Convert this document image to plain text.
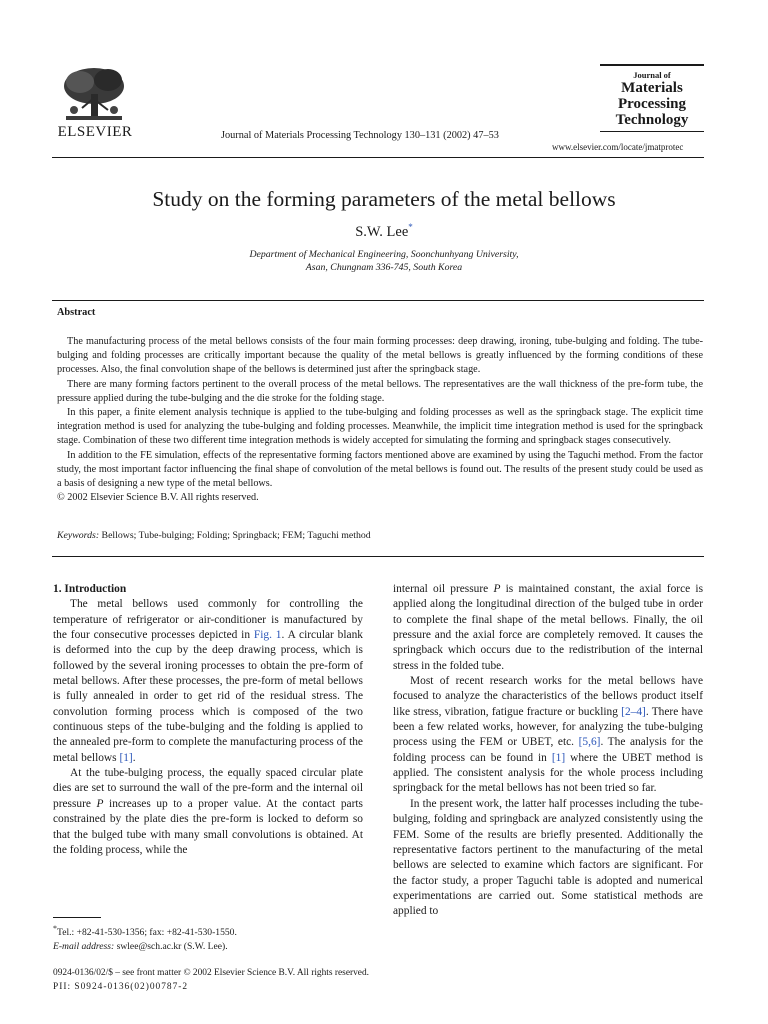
ELSEVIER	Journal of Materials Processing Technology 130–131 (2002) 47–53
Journal of
Materials
Processing
Technology
www.elsevier.com/locate/jmatprotec
Study on the forming parameters of the metal bellows
S.W. Lee*
Department of Mechanical Engineering, Soonchunhyang University,
Asan, Chungnam 336-745, South Korea
Abstract

The manufacturing process of the metal bellows consists of the four main forming processes: deep drawing, ironing, tube-bulging and folding. The tube-bulging and folding processes are critically important because the quality of the metal bellows is greatly influenced by the forming conditions of these processes. Also, the final convolution shape of the bellows is determined just after the springback stage.

There are many forming factors pertinent to the overall process of the metal bellows. The representatives are the wall thickness of the pre-form tube, the pressure applied during the tube-bulging and the die stroke for the folding stage.

In this paper, a finite element analysis technique is applied to the tube-bulging and folding processes as well as the springback stage. The explicit time integration method is used for analyzing the tube-bulging and folding processes. Meanwhile, the implicit time integration method is used for the springback stage. Combination of these two different time integration methods is widely accepted for simulating the forming and springback stages consecutively.

In addition to the FE simulation, effects of the representative forming factors mentioned above are examined by using the Taguchi method. From the factor study, the most important factor influencing the final shape of convolution of the metal bellows is found out. The results of the present study could be used as a basis of designing a new type of the metal bellows.

© 2002 Elsevier Science B.V. All rights reserved.

Keywords: Bellows; Tube-bulging; Folding; Springback; FEM; Taguchi method

1. Introduction

The metal bellows used commonly for controlling the temperature of refrigerator or air-conditioner is manufactured by the four consecutive processes depicted in Fig. 1. A circular blank is deformed into the cup by the deep drawing process, which is followed by the several ironing processes to obtain the pre-form of metal bellows. After these processes, the pre-form of metal bellows is fully annealed in order to get rid of the residual stress. The convolution forming process which is composed of the two continuous steps of the tube-bulging and the folding is applied to the annealed pre-form to complete the manufacturing process of the metal bellows [1].

At the tube-bulging process, the equally spaced circular plate dies are set to surround the wall of the pre-form and the internal oil pressure P increases up to a proper value. At the contact parts constrained by the plate dies the pre-form is locked to deform so that the bulged tube with many small convolutions is obtained. At the folding process, while the

internal oil pressure P is maintained constant, the axial force is applied along the longitudinal direction of the bulged tube in order to complete the final shape of the metal bellows. Finally, the oil pressure and the axial force are completely removed. It causes the springback which occurs due to the redistribution of the internal stress in the folded tube.

Most of recent research works for the metal bellows have focused to analyze the characteristics of the bellows product itself like stress, vibration, fatigue fracture or buckling [2–4]. There have been a few related works, however, for analyzing the tube-bulging process using the FEM or UBET, etc. [5,6]. The analysis for the folding process can be found in [1] where the UBET method is applied. The consistent analysis for the whole process including springback for the metal bellows has not been tried so far.

In the present work, the latter half processes including the tube-bulging, folding and springback are analyzed consistently using the FEM. Some of the results are briefly presented. Additionally the representative factors pertinent to the manufacturing of the metal bellows are selected to examine which factors are significant. For the factor study, a proper Taguchi table is adopted and numerical experimentations are carried out. Some statistical methods are applied to

*Tel.: +82-41-530-1356; fax: +82-41-530-1550.
E-mail address: swlee@sch.ac.kr (S.W. Lee).
0924-0136/02/$ – see front matter © 2002 Elsevier Science B.V. All rights reserved.
PII: S0924-0136(02)00787-2
